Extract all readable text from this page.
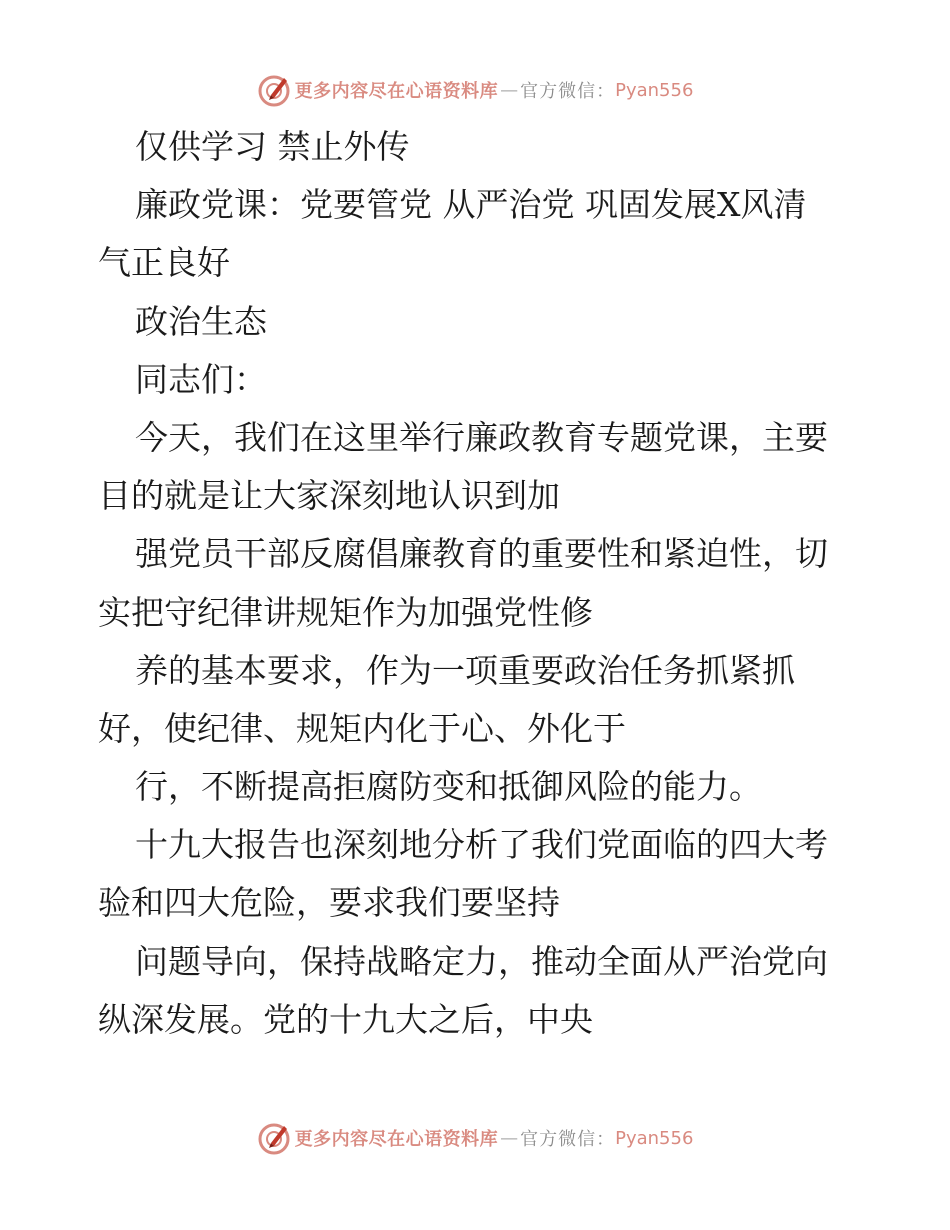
更多内容尽在心语资料库 — 官方微信： Pyan556
仅供学习 禁止外传
廉政党课：党要管党 从严治党 巩固发展X风清
气正良好
政治生态
同志们：
今天，我们在这里举行廉政教育专题党课，主要
目的就是让大家深刻地认识到加
强党员干部反腐倡廉教育的重要性和紧迫性，切
实把守纪律讲规矩作为加强党性修
养的基本要求，作为一项重要政治任务抓紧抓
好，使纪律、规矩内化于心、外化于
行，不断提高拒腐防变和抵御风险的能力。
十九大报告也深刻地分析了我们党面临的四大考
验和四大危险，要求我们要坚持
问题导向，保持战略定力，推动全面从严治党向
纵深发展。党的十九大之后，中央
更多内容尽在心语资料库 — 官方微信： Pyan556
